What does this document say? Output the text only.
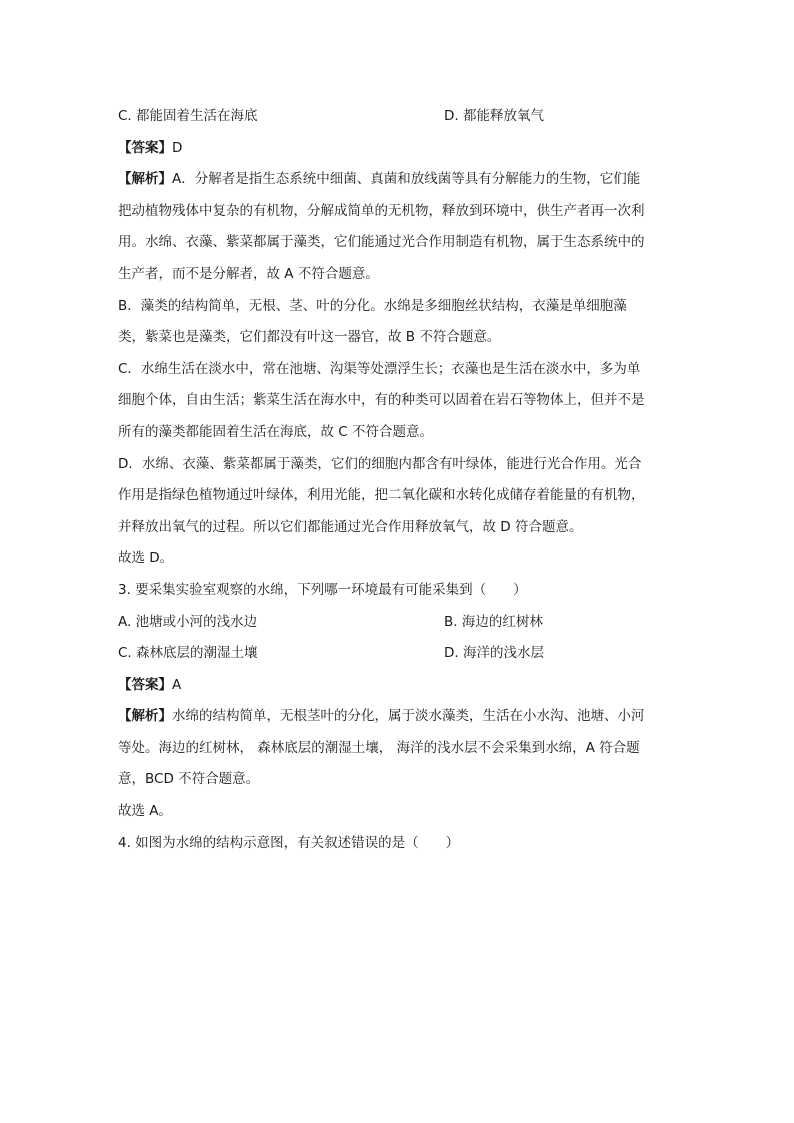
C. 都能固着生活在海底	D. 都能释放氧气
【答案】D
【解析】A．分解者是指生态系统中细菌、真菌和放线菌等具有分解能力的生物，它们能
把动植物残体中复杂的有机物，分解成简单的无机物，释放到环境中，供生产者再一次利
用。水绵、衣藻、紫菜都属于藻类，它们能通过光合作用制造有机物，属于生态系统中的
生产者，而不是分解者，故 A 不符合题意。
B．藻类的结构简单，无根、茎、叶的分化。水绵是多细胞丝状结构，衣藻是单细胞藻
类，紫菜也是藻类，它们都没有叶这一器官，故 B 不符合题意。
C．水绵生活在淡水中，常在池塘、沟渠等处漂浮生长；衣藻也是生活在淡水中，多为单
细胞个体，自由生活；紫菜生活在海水中，有的种类可以固着在岩石等物体上，但并不是
所有的藻类都能固着生活在海底，故 C 不符合题意。
D．水绵、衣藻、紫菜都属于藻类，它们的细胞内都含有叶绿体，能进行光合作用。光合
作用是指绿色植物通过叶绿体，利用光能，把二氧化碳和水转化成储存着能量的有机物，
并释放出氧气的过程。所以它们都能通过光合作用释放氧气，故 D 符合题意。
故选 D。
3. 要采集实验室观察的水绵，下列哪一环境最有可能采集到（　　）
A. 池塘或小河的浅水边	B. 海边的红树林
C. 森林底层的潮湿土壤	D. 海洋的浅水层
【答案】A
【解析】水绵的结构简单，无根茎叶的分化，属于淡水藻类，生活在小水沟、池塘、小河
等处。海边的红树林， 森林底层的潮湿土壤， 海洋的浅水层不会采集到水绵，A 符合题
意，BCD 不符合题意。
故选 A。
4. 如图为水绵的结构示意图，有关叙述错误的是（　　）
